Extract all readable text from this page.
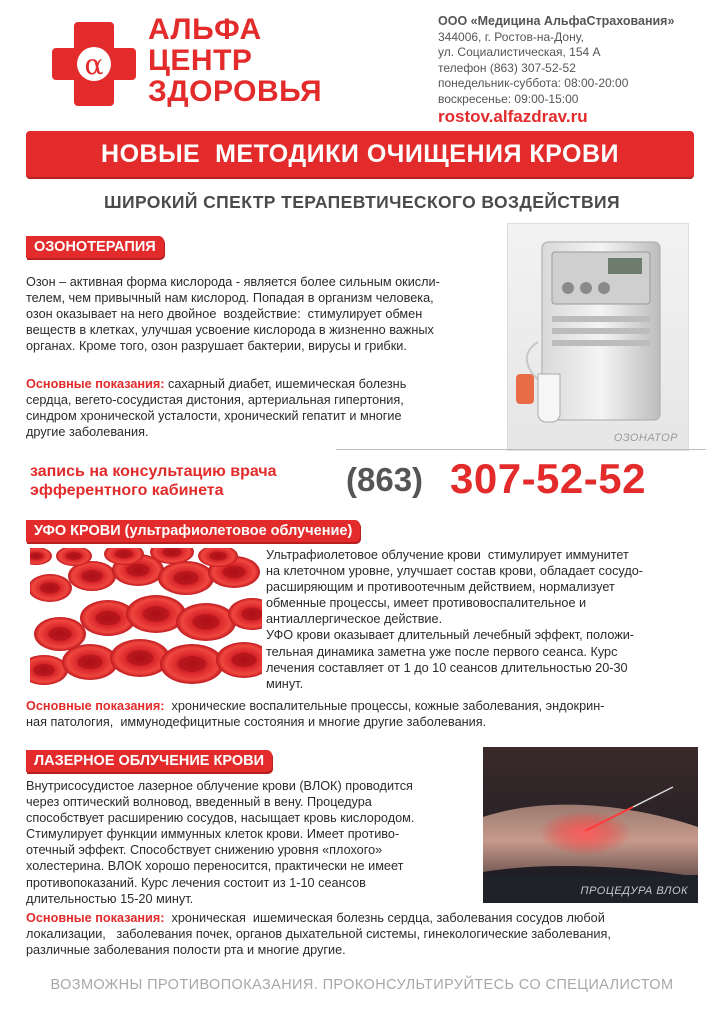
α
АЛЬФА
ЦЕНТР
ЗДОРОВЬЯ
ООО «Медицина АльфаСтрахования»
344006, г. Ростов-на-Дону,
ул. Социалистическая, 154 А
телефон (863) 307-52-52
понедельник-суббота: 08:00-20:00
воскресенье: 09:00-15:00
rostov.alfazdrav.ru
НОВЫЕ  МЕТОДИКИ ОЧИЩЕНИЯ КРОВИ
ШИРОКИЙ СПЕКТР ТЕРАПЕВТИЧЕСКОГО ВОЗДЕЙСТВИЯ
ОЗОНОТЕРАПИЯ
Озон – активная форма кислорода - является более сильным окисли-
телем, чем привычный нам кислород. Попадая в организм человека,
озон оказывает на него двойное  воздействие:  стимулирует обмен
веществ в клетках, улучшая усвоение кислорода в жизненно важных
органах. Кроме того, озон разрушает бактерии, вирусы и грибки.
Основные показания: сахарный диабет, ишемическая болезнь
сердца, вегето-сосудистая дистония, артериальная гипертония,
синдром хронической усталости, хронический гепатит и многие
другие заболевания.	ОЗОНАТОР
запись на консультацию врача
эфферентного кабинета	(863) 307-52-52
УФО КРОВИ (ультрафиолетовое облучение)
Ультрафиолетовое облучение крови  стимулирует иммунитет
на клеточном уровне, улучшает состав крови, обладает сосудо-
расширяющим и противоотечным действием, нормализует
обменные процессы, имеет противовоспалительное и
антиаллергическое действие.
УФО крови оказывает длительный лечебный эффект, положи-
тельная динамика заметна уже после первого сеанса. Курс
лечения составляет от 1 до 10 сеансов длительностью 20-30
минут.
Основные показания:  хронические воспалительные процессы, кожные заболевания, эндокрин-
ная патология,  иммунодефицитные состояния и многие другие заболевания.
ЛАЗЕРНОЕ ОБЛУЧЕНИЕ КРОВИ
Внутрисосудистое лазерное облучение крови (ВЛОК) проводится
через оптический волновод, введенный в вену. Процедура
способствует расширению сосудов, насыщает кровь кислородом.
Стимулирует функции иммунных клеток крови. Имеет противо-
отечный эффект. Способствует снижению уровня «плохого»
холестерина. ВЛОК хорошо переносится, практически не имеет
противопоказаний. Курс лечения состоит из 1-10 сеансов
длительностью 15-20 минут.
ПРОЦЕДУРА ВЛОК
Основные показания:  хроническая  ишемическая болезнь сердца, заболевания сосудов любой
локализации,   заболевания почек, органов дыхательной системы, гинекологические заболевания,
различные заболевания полости рта и многие другие.
ВОЗМОЖНЫ ПРОТИВОПОКАЗАНИЯ. ПРОКОНСУЛЬТИРУЙТЕСЬ СО СПЕЦИАЛИСТОМ
